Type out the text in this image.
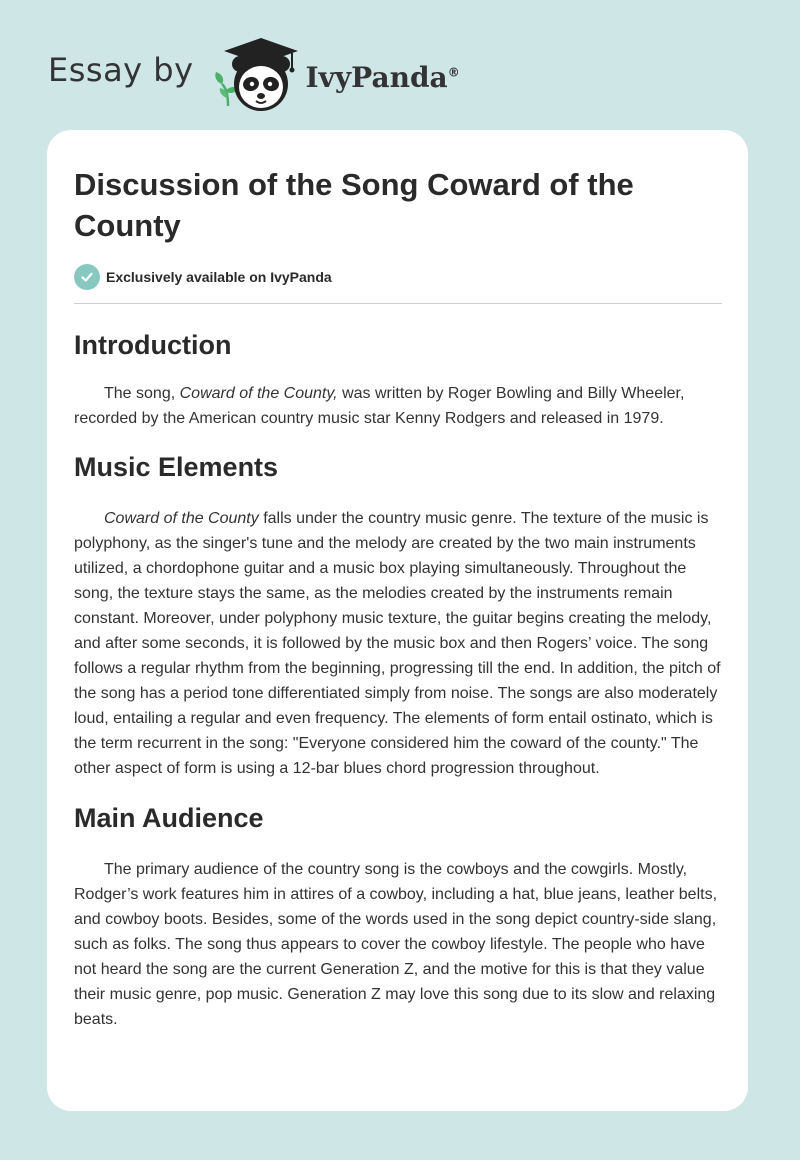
Essay by	IvyPanda®
Discussion of the Song Coward of the County
Exclusively available on IvyPanda
Introduction

The song, Coward of the County, was written by Roger Bowling and Billy Wheeler, recorded by the American country music star Kenny Rodgers and released in 1979.

Music Elements

Coward of the County falls under the country music genre. The texture of the music is polyphony, as the singer's tune and the melody are created by the two main instruments utilized, a chordophone guitar and a music box playing simultaneously. Throughout the song, the texture stays the same, as the melodies created by the instruments remain constant. Moreover, under polyphony music texture, the guitar begins creating the melody, and after some seconds, it is followed by the music box and then Rogers’ voice. The song follows a regular rhythm from the beginning, progressing till the end. In addition, the pitch of the song has a period tone differentiated simply from noise. The songs are also moderately loud, entailing a regular and even frequency. The elements of form entail ostinato, which is the term recurrent in the song: "Everyone considered him the coward of the county." The other aspect of form is using a 12-bar blues chord progression throughout.

Main Audience

The primary audience of the country song is the cowboys and the cowgirls. Mostly, Rodger’s work features him in attires of a cowboy, including a hat, blue jeans, leather belts, and cowboy boots. Besides, some of the words used in the song depict country-side slang, such as folks. The song thus appears to cover the cowboy lifestyle. The people who have not heard the song are the current Generation Z, and the motive for this is that they value their music genre, pop music. Generation Z may love this song due to its slow and relaxing beats.
